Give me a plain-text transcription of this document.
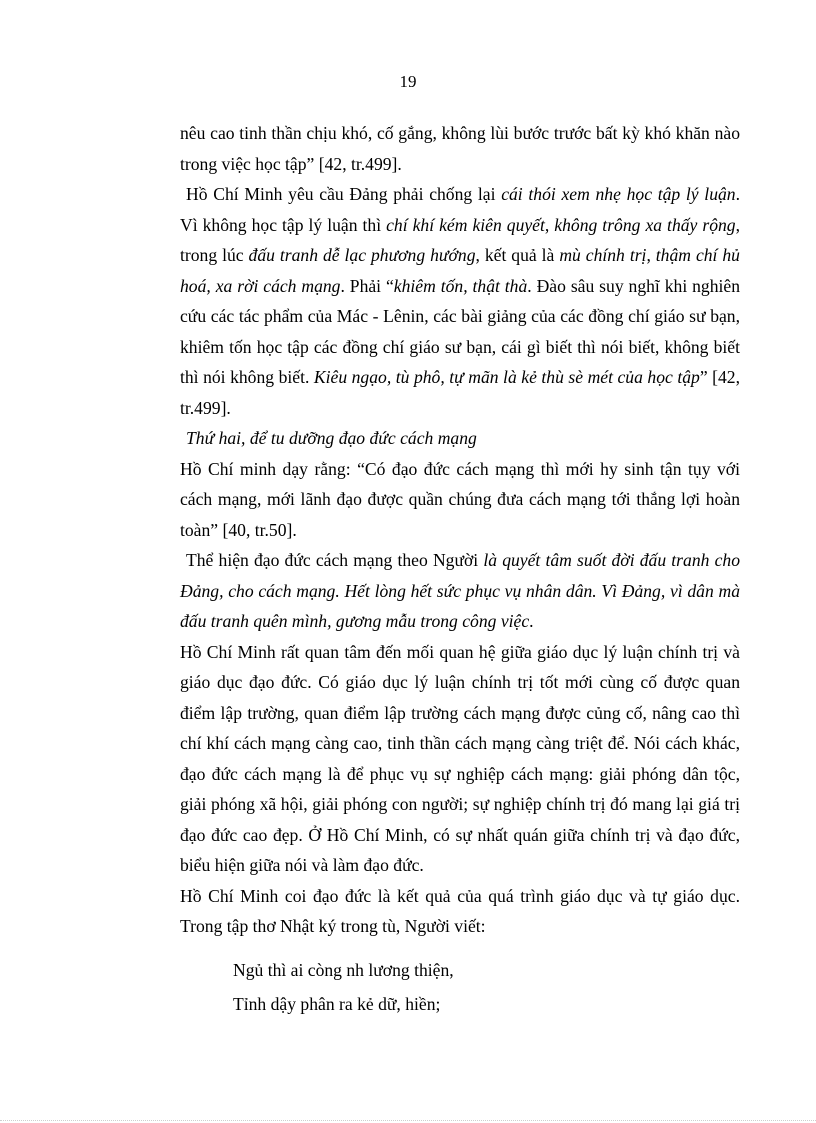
19

nêu cao tinh thần chịu khó, cố gắng, không lùi bước trước bất kỳ khó khăn nào trong việc học tập” [42, tr.499].

Hồ Chí Minh yêu cầu Đảng phải chống lại cái thói xem nhẹ học tập lý luận. Vì không học tập lý luận thì chí khí kém kiên quyết, không trông xa thấy rộng, trong lúc đấu tranh dễ lạc phương hướng, kết quả là mù chính trị, thậm chí hủ hoá, xa rời cách mạng. Phải “khiêm tốn, thật thà. Đào sâu suy nghĩ khi nghiên cứu các tác phẩm của Mác - Lênin, các bài giảng của các đồng chí giáo sư bạn, khiêm tốn học tập các đồng chí giáo sư bạn, cái gì biết thì nói biết, không biết thì nói không biết. Kiêu ngạo, tù phô, tự mãn là kẻ thù sè mét của học tập” [42, tr.499].

Thứ hai, để tu dưỡng đạo đức cách mạng

Hồ Chí minh dạy rằng: “Có đạo đức cách mạng thì mới hy sinh tận tụy với cách mạng, mới lãnh đạo được quần chúng đưa cách mạng tới thắng lợi hoàn toàn” [40, tr.50].

Thể hiện đạo đức cách mạng theo Người là quyết tâm suốt đời đấu tranh cho Đảng, cho cách mạng. Hết lòng hết sức phục vụ nhân dân. Vì Đảng, vì dân mà đấu tranh quên mình, gương mẫu trong công việc.

Hồ Chí Minh rất quan tâm đến mối quan hệ giữa giáo dục lý luận chính trị và giáo dục đạo đức. Có giáo dục lý luận chính trị tốt mới cùng cố được quan điểm lập trường, quan điểm lập trường cách mạng được củng cố, nâng cao thì chí khí cách mạng càng cao, tinh thần cách mạng càng triệt để. Nói cách khác, đạo đức cách mạng là để phục vụ sự nghiệp cách mạng: giải phóng dân tộc, giải phóng xã hội, giải phóng con người; sự nghiệp chính trị đó mang lại giá trị đạo đức cao đẹp. Ở Hồ Chí Minh, có sự nhất quán giữa chính trị và đạo đức, biểu hiện giữa nói và làm đạo đức.

Hồ Chí Minh coi đạo đức là kết quả của quá trình giáo dục và tự giáo dục. Trong tập thơ Nhật ký trong tù, Người viết:

Ngủ thì ai còng nh lương thiện,
Tỉnh dậy phân ra kẻ dữ, hiền;
